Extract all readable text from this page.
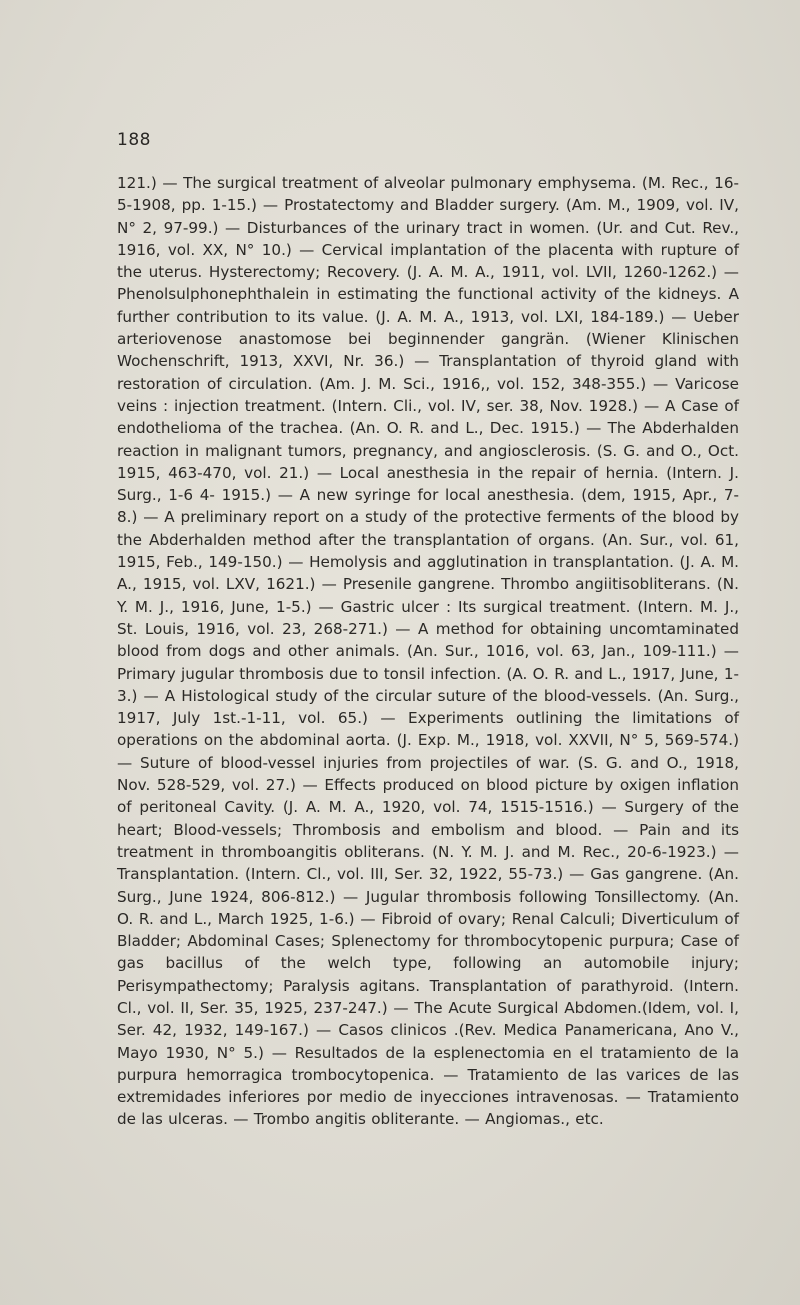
188

121.) — The surgical treatment of alveolar pulmonary emphysema. (M. Rec., 16-5-1908, pp. 1-15.) — Prostatectomy and Bladder surgery. (Am. M., 1909, vol. IV, N° 2, 97-99.) — Disturbances of the urinary tract in women. (Ur. and Cut. Rev., 1916, vol. XX, N° 10.) — Cervical implantation of the placenta with rupture of the uterus. Hysterectomy; Recovery. (J. A. M. A., 1911, vol. LVII, 1260-1262.) — Phenolsulphonephthalein in estimating the functional activity of the kidneys. A further contribution to its value. (J. A. M. A., 1913, vol. LXI, 184-189.) — Ueber arteriovenose anastomose bei beginnender gangrän. (Wiener Klinischen Wochenschrift, 1913, XXVI, Nr. 36.) — Transplantation of thyroid gland with restoration of circulation. (Am. J. M. Sci., 1916,, vol. 152, 348-355.) — Varicose veins : injection treatment. (Intern. Cli., vol. IV, ser. 38, Nov. 1928.) — A Case of endothelioma of the trachea. (An. O. R. and L., Dec. 1915.) — The Abderhalden reaction in malignant tumors, pregnancy, and angiosclerosis. (S. G. and O., Oct. 1915, 463-470, vol. 21.) — Local anesthesia in the repair of hernia. (Intern. J. Surg., 1-6 4- 1915.) — A new syringe for local anesthesia. (dem, 1915, Apr., 7-8.) — A preliminary report on a study of the protective ferments of the blood by the Abderhalden method after the transplantation of organs. (An. Sur., vol. 61, 1915, Feb., 149-150.) — Hemolysis and agglutination in transplantation. (J. A. M. A., 1915, vol. LXV, 1621.) — Presenile gangrene. Thrombo angiitisobliterans. (N. Y. M. J., 1916, June, 1-5.) — Gastric ulcer : Its surgical treatment. (Intern. M. J., St. Louis, 1916, vol. 23, 268-271.) — A method for obtaining uncomtaminated blood from dogs and other animals. (An. Sur., 1016, vol. 63, Jan., 109-111.) — Primary jugular thrombosis due to tonsil infection. (A. O. R. and L., 1917, June, 1-3.) — A Histological study of the circular suture of the blood-vessels. (An. Surg., 1917, July 1st.-1-11, vol. 65.) — Experiments outlining the limitations of operations on the abdominal aorta. (J. Exp. M., 1918, vol. XXVII, N° 5, 569-574.) — Suture of blood-vessel injuries from projectiles of war. (S. G. and O., 1918, Nov. 528-529, vol. 27.) — Effects produced on blood picture by oxigen inflation of peritoneal Cavity. (J. A. M. A., 1920, vol. 74, 1515-1516.) — Surgery of the heart; Blood-vessels; Thrombosis and embolism and blood. — Pain and its treatment in thromboangitis obliterans. (N. Y. M. J. and M. Rec., 20-6-1923.) — Transplantation. (Intern. Cl., vol. III, Ser. 32, 1922, 55-73.) — Gas gangrene. (An. Surg., June 1924, 806-812.) — Jugular thrombosis following Tonsillectomy. (An. O. R. and L., March 1925, 1-6.) — Fibroid of ovary; Renal Calculi; Diverticulum of Bladder; Abdominal Cases; Splenectomy for thrombocytopenic purpura; Case of gas bacillus of the welch type, following an automobile injury; Perisympathectomy; Paralysis agitans. Transplantation of parathyroid. (Intern. Cl., vol. II, Ser. 35, 1925, 237-247.) — The Acute Surgical Abdomen.(Idem, vol. I, Ser. 42, 1932, 149-167.) — Casos clinicos .(Rev. Medica Panamericana, Ano V., Mayo 1930, N° 5.) — Resultados de la esplenectomia en el tratamiento de la purpura hemorragica trombocytopenica. — Tratamiento de las varices de las extremidades inferiores por medio de inyecciones intravenosas. — Tratamiento de las ulceras. — Trombo angitis obliterante. — Angiomas., etc.
